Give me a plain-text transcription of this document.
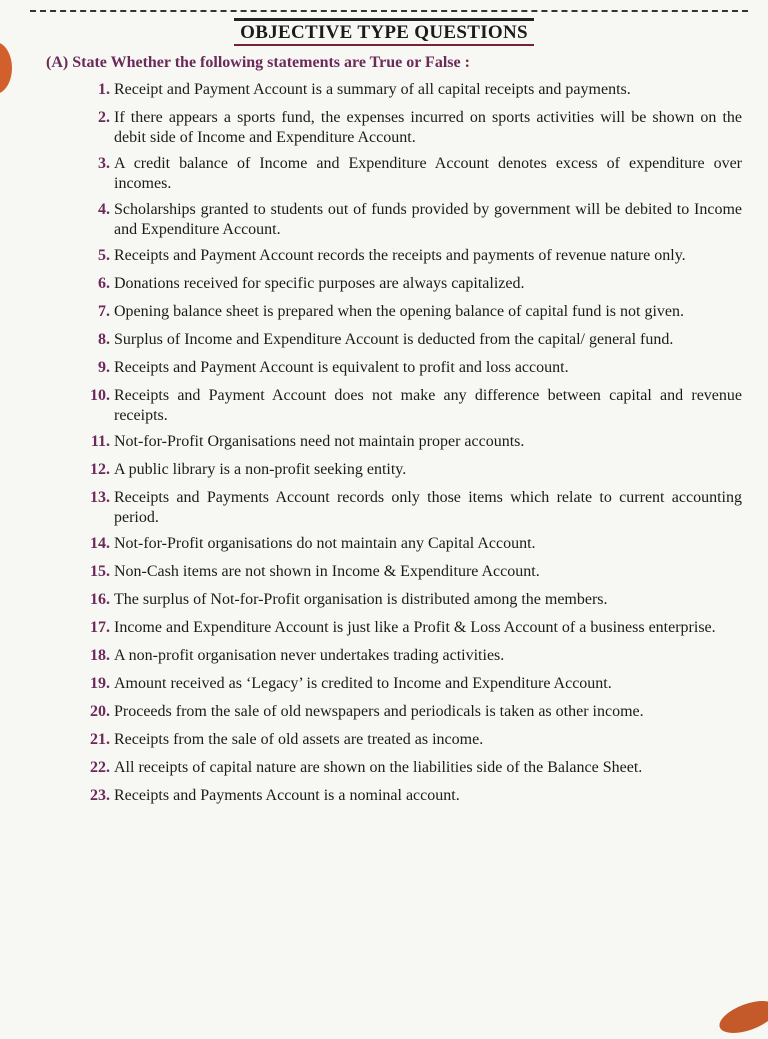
OBJECTIVE TYPE QUESTIONS
(A) State Whether the following statements are True or False :
1. Receipt and Payment Account is a summary of all capital receipts and payments.
2. If there appears a sports fund, the expenses incurred on sports activities will be shown on the debit side of Income and Expenditure Account.
3. A credit balance of Income and Expenditure Account denotes excess of expenditure over incomes.
4. Scholarships granted to students out of funds provided by government will be debited to Income and Expenditure Account.
5. Receipts and Payment Account records the receipts and payments of revenue nature only.
6. Donations received for specific purposes are always capitalized.
7. Opening balance sheet is prepared when the opening balance of capital fund is not given.
8. Surplus of Income and Expenditure Account is deducted from the capital/ general fund.
9. Receipts and Payment Account is equivalent to profit and loss account.
10. Receipts and Payment Account does not make any difference between capital and revenue receipts.
11. Not-for-Profit Organisations need not maintain proper accounts.
12. A public library is a non-profit seeking entity.
13. Receipts and Payments Account records only those items which relate to current accounting period.
14. Not-for-Profit organisations do not maintain any Capital Account.
15. Non-Cash items are not shown in Income & Expenditure Account.
16. The surplus of Not-for-Profit organisation is distributed among the members.
17. Income and Expenditure Account is just like a Profit & Loss Account of a business enterprise.
18. A non-profit organisation never undertakes trading activities.
19. Amount received as ‘Legacy’ is credited to Income and Expenditure Account.
20. Proceeds from the sale of old newspapers and periodicals is taken as other income.
21. Receipts from the sale of old assets are treated as income.
22. All receipts of capital nature are shown on the liabilities side of the Balance Sheet.
23. Receipts and Payments Account is a nominal account.
